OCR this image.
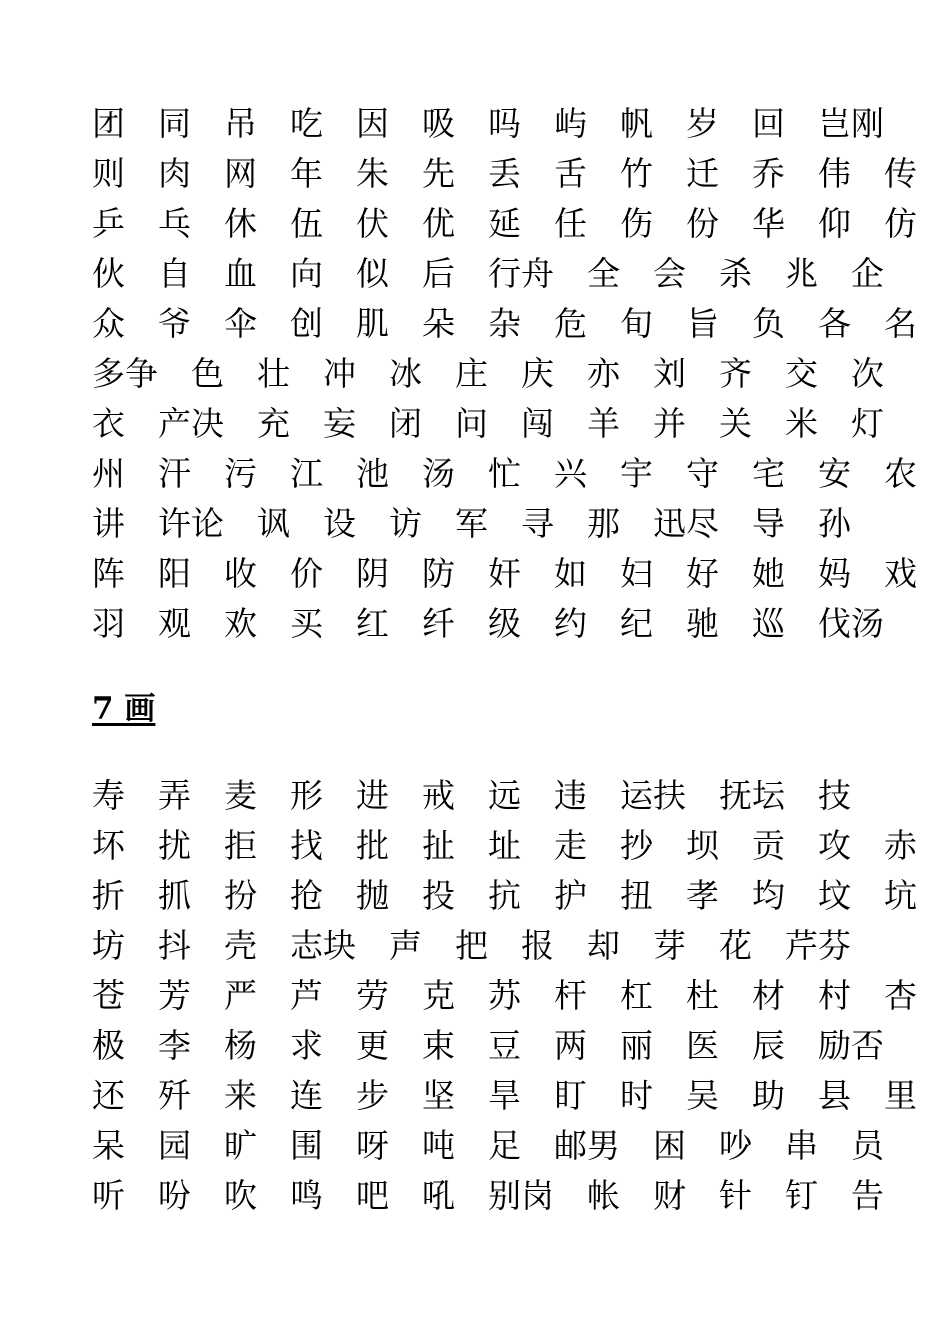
团　同　吊　吃　因　吸　吗　屿　帆　岁　回　岂刚
则　肉　网　年　朱　先　丢　舌　竹　迁　乔　伟　传
乒　乓　休　伍　伏　优　延　任　伤　份　华　仰　仿
伙　自　血　向　似　后　行舟　全　会　杀　兆　企
众　爷　伞　创　肌　朵　杂　危　旬　旨　负　各　名
多争　色　壮　冲　冰　庄　庆　亦　刘　齐　交　次
衣　产决　充　妄　闭　问　闯　羊　并　关　米　灯
州　汗　污　江　池　汤　忙　兴　宇　守　宅　安　农
讲　许论　讽　设　访　军　寻　那　迅尽　导　孙
阵　阳　收　价　阴　防　奸　如　妇　好　她　妈　戏
羽　观　欢　买　红　纤　级　约　纪　驰　巡　伐汤
7 画
寿　弄　麦　形　进　戒　远　违　运扶　抚坛　技
坏　扰　拒　找　批　扯　址　走　抄　坝　贡　攻　赤
折　抓　扮　抢　抛　投　抗　护　扭　孝　均　坟　坑
坊　抖　壳　志块　声　把　报　却　芽　花　芹芬
苍　芳　严　芦　劳　克　苏　杆　杠　杜　材　村　杏
极　李　杨　求　更　束　豆　两　丽　医　辰　励否
还　歼　来　连　步　坚　旱　盯　时　吴　助　县　里
呆　园　旷　围　呀　吨　足　邮男　困　吵　串　员
听　吩　吹　鸣　吧　吼　别岗　帐　财　针　钉　告
